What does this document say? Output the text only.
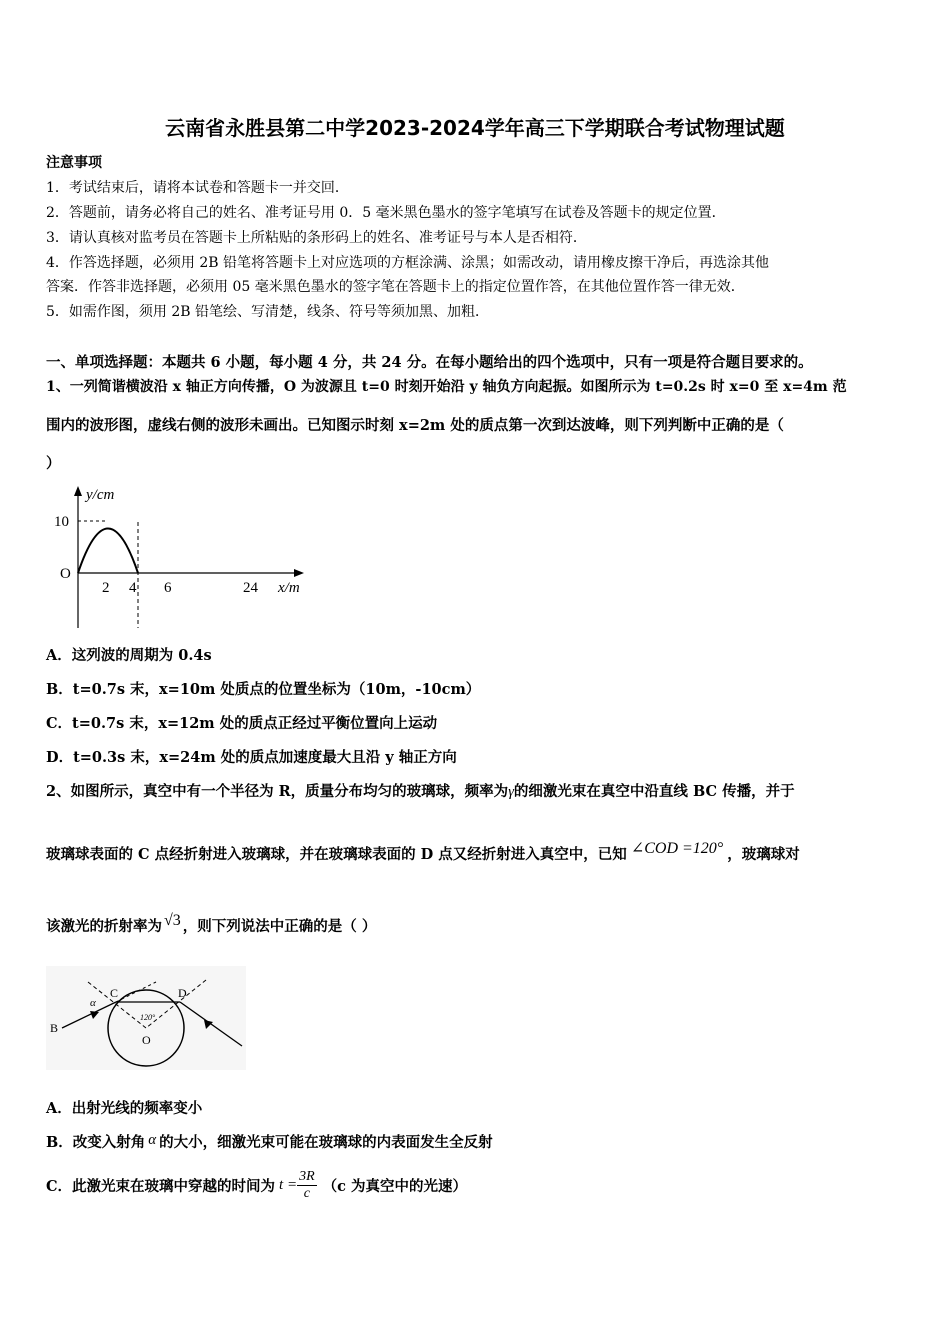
云南省永胜县第二中学2023-2024学年高三下学期联合考试物理试题
注意事项
1．考试结束后，请将本试卷和答题卡一并交回．
2．答题前，请务必将自己的姓名、准考证号用 0．5 毫米黑色墨水的签字笔填写在试卷及答题卡的规定位置．
3．请认真核对监考员在答题卡上所粘贴的条形码上的姓名、准考证号与本人是否相符．
4．作答选择题，必须用 2B 铅笔将答题卡上对应选项的方框涂满、涂黑；如需改动，请用橡皮擦干净后，再选涂其他
答案．作答非选择题，必须用 05 毫米黑色墨水的签字笔在答题卡上的指定位置作答，在其他位置作答一律无效．
5．如需作图，须用 2B 铅笔绘、写清楚，线条、符号等须加黑、加粗．
一、单项选择题：本题共 6 小题，每小题 4 分，共 24 分。在每小题给出的四个选项中，只有一项是符合题目要求的。
1、一列简谐横波沿 x 轴正方向传播，O 为波源且 t=0 时刻开始沿 y 轴负方向起振。如图所示为 t=0.2s 时 x=0 至 x=4m 范
围内的波形图，虚线右侧的波形未画出。已知图示时刻 x=2m 处的质点第一次到达波峰，则下列判断中正确的是（
）
y/cm
10
O
2 4 6	24 x/m
A．这列波的周期为 0.4s
B．t=0.7s 末，x=10m 处质点的位置坐标为（10m，-10cm）
C．t=0.7s 末，x=12m 处的质点正经过平衡位置向上运动
D．t=0.3s 末，x=24m 处的质点加速度最大且沿 y 轴正方向
2、如图所示，真空中有一个半径为 R，质量分布均匀的玻璃球，频率为γ的细激光束在真空中沿直线 BC 传播，并于
玻璃球表面的 C 点经折射进入玻璃球，并在玻璃球表面的 D 点又经折射进入真空中，已知 ∠COD =120° ，玻璃球对
该激光的折射率为 √3 ，则下列说法中正确的是（ ）
B
C	D
O
α
120°
A．出射光线的频率变小
B．改变入射角 α 的大小，细激光束可能在玻璃球的内表面发生全反射
C．此激光束在玻璃中穿越的时间为 $t = \frac{3R}{c} (c$ 为真空中的光速）
